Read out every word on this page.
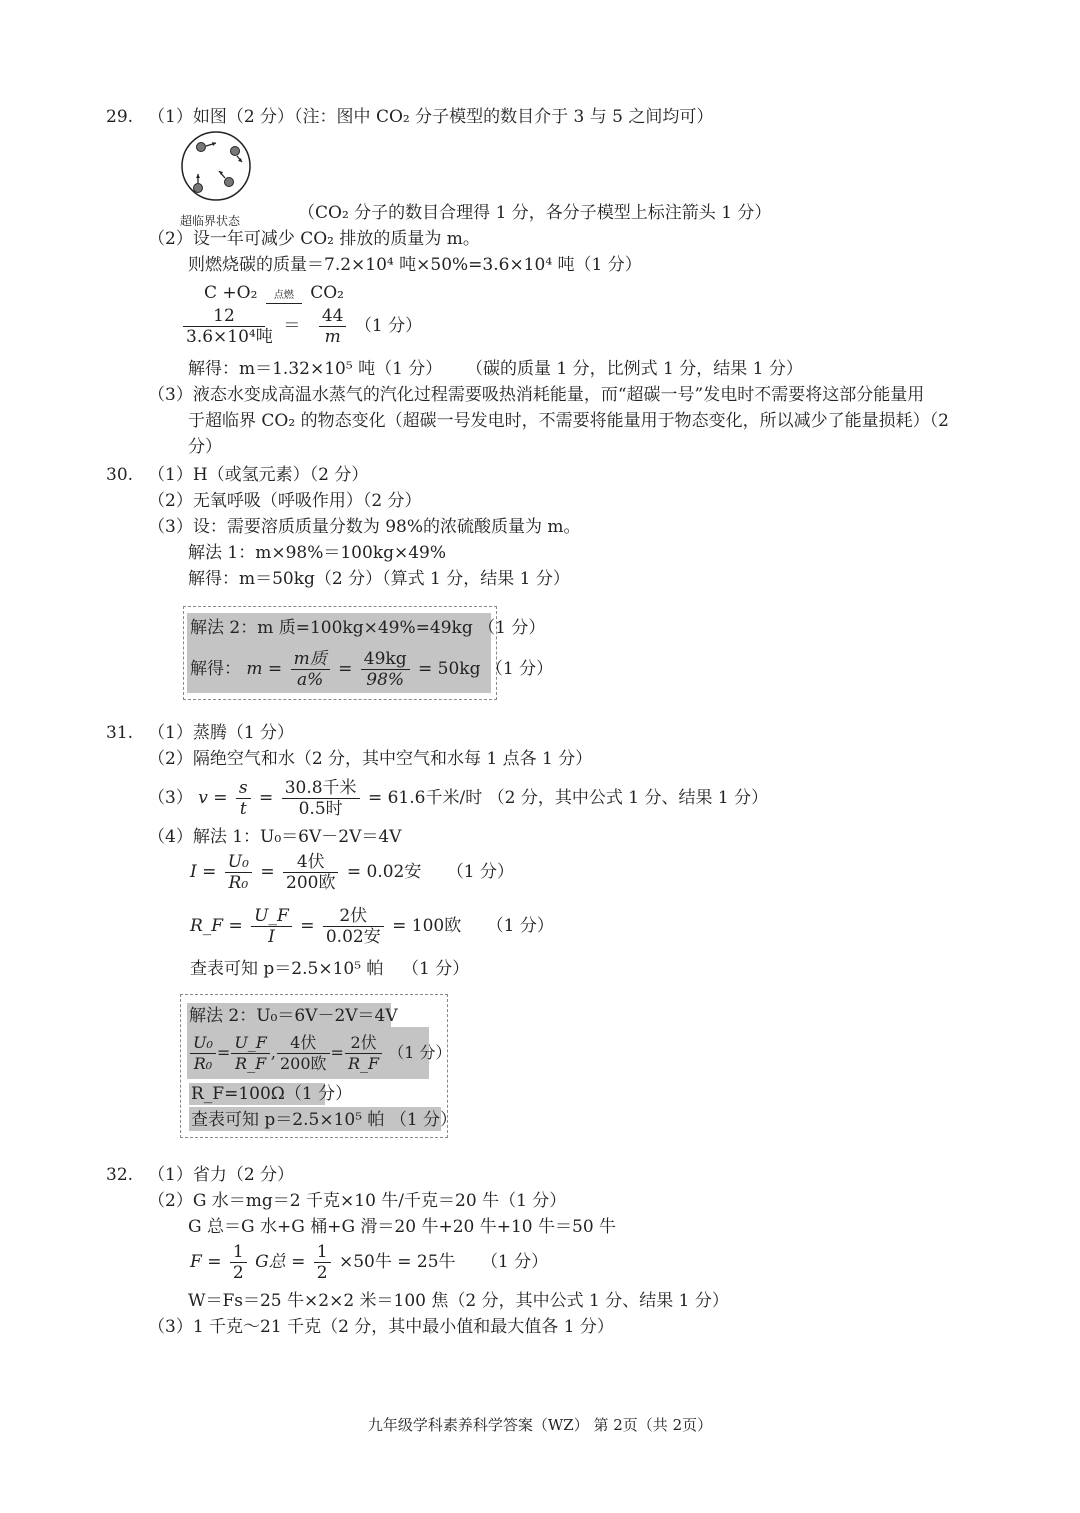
29. （1）如图（2 分）（注：图中 CO₂ 分子模型的数目介于 3 与 5 之间均可）
超临界状态	（CO₂ 分子的数目合理得 1 分，各分子模型上标注箭头 1 分）
（2）设一年可减少 CO₂ 排放的质量为 m。
则燃烧碳的质量＝7.2×10⁴ 吨×50%=3.6×10⁴ 吨（1 分）
C +O₂	点燃 CO₂
$\frac{12}{\text{3.6×10⁴吨}} = \frac{44}{m} (1$ 分）
解得：m＝1.32×10⁵ 吨（1 分） （碳的质量 1 分，比例式 1 分，结果 1 分）
（3）液态水变成高温水蒸气的汽化过程需要吸热消耗能量，而“超碳一号”发电时不需要将这部分能量用
于超临界 CO₂ 的物态变化（超碳一号发电时，不需要将能量用于物态变化，所以减少了能量损耗）（2
分）
30. （1）H（或氢元素）（2 分）
（2）无氧呼吸（呼吸作用）（2 分）
（3）设：需要溶质质量分数为 98%的浓硫酸质量为 m。
解法 1：m×98%＝100kg×49%
解得：m＝50kg（2 分）（算式 1 分，结果 1 分）
解法 2：m 质=100kg×49%=49kg （1 分）
解得： $m = \frac{\text{m质}}{a\%} = \frac{49kg}{98\%} = 50kg$ （1 分）
31. （1）蒸腾（1 分）
（2）隔绝空气和水（2 分，其中空气和水每 1 点各 1 分）
（3） $v = \frac{s}{t} = \frac{\text{30.8千米}}{\text{0.5时}} = 61.6$千米/时 （2 分，其中公式 1 分、结果 1 分）
（4）解法 1：U₀＝6V－2V＝4V
$I = \frac{\text{U₀}}{\text{R₀}} = \frac{\text{4伏}}{\text{200欧}} = 0.02$安 （1 分）
R_F = $\frac{U\_F}{I} = \frac{\text{2伏}}{\text{0.02安}} = 100$欧 （1 分）
查表可知 p＝2.5×10⁵ 帕 （1 分）
解法 2：U₀＝6V－2V＝4V
$\frac{\text{U₀}}{\text{R₀}} = \frac{U\_F}{R\_F}$ , $\frac{\text{4伏}}{\text{200欧}} = \frac{\text{2伏}}{R\_F} (1$ 分）
R_F=100Ω（1 分）
查表可知 p＝2.5×10⁵ 帕 （1 分）
32. （1）省力（2 分）
（2）G 水＝mg＝2 千克×10 牛/千克＝20 牛（1 分）
G 总＝G 水+G 桶+G 滑＝20 牛+20 牛+10 牛＝50 牛
$F = \frac{1}{2}$ G总 = $\frac{1}{2} \times 50$牛 = 25牛 （1 分）
W＝Fs＝25 牛×2×2 米＝100 焦（2 分，其中公式 1 分、结果 1 分）
（3）1 千克～21 千克（2 分，其中最小值和最大值各 1 分）
九年级学科素养科学答案（WZ） 第 2页（共 2页）
